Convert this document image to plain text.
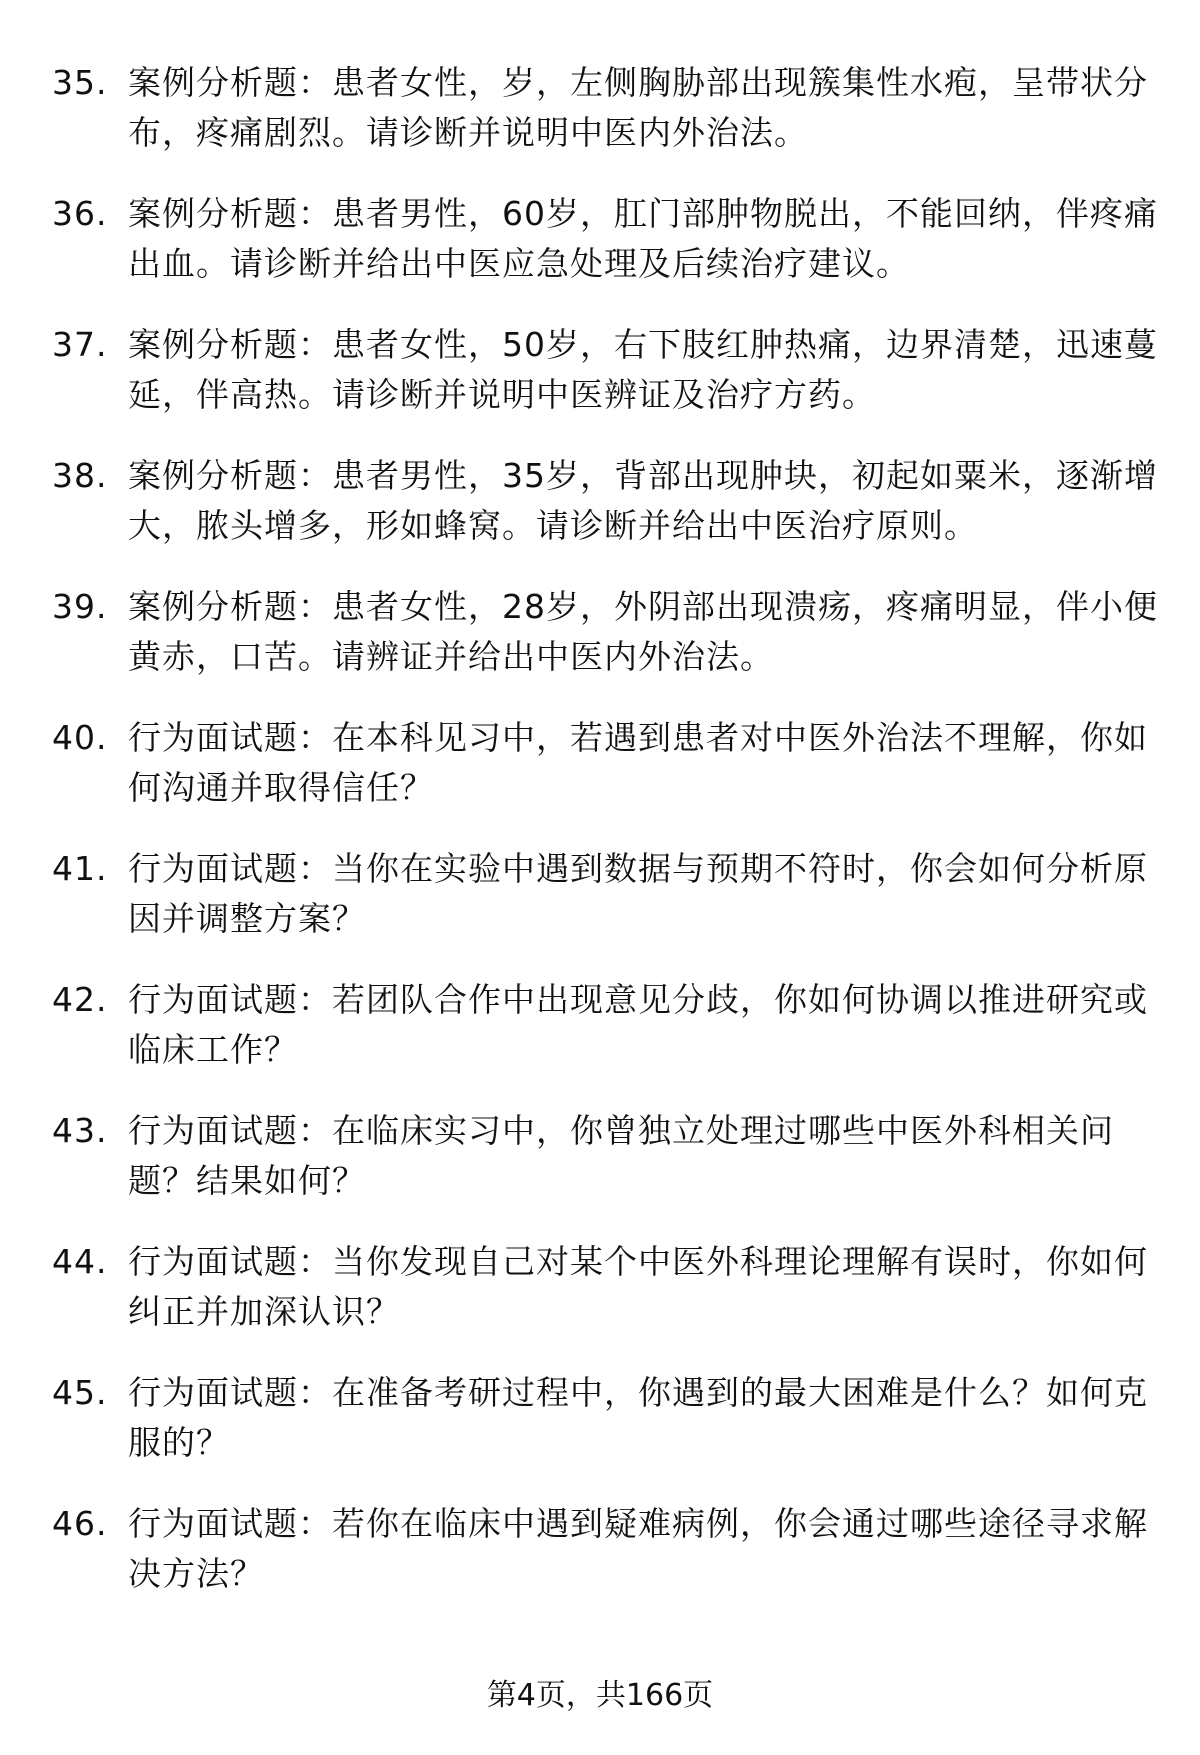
35. 案例分析题：患者女性，岁，左侧胸胁部出现簇集性水疱，呈带状分布，疼痛剧烈。请诊断并说明中医内外治法。
36. 案例分析题：患者男性，60岁，肛门部肿物脱出，不能回纳，伴疼痛出血。请诊断并给出中医应急处理及后续治疗建议。
37. 案例分析题：患者女性，50岁，右下肢红肿热痛，边界清楚，迅速蔓延，伴高热。请诊断并说明中医辨证及治疗方药。
38. 案例分析题：患者男性，35岁，背部出现肿块，初起如粟米，逐渐增大，脓头增多，形如蜂窝。请诊断并给出中医治疗原则。
39. 案例分析题：患者女性，28岁，外阴部出现溃疡，疼痛明显，伴小便黄赤，口苦。请辨证并给出中医内外治法。
40. 行为面试题：在本科见习中，若遇到患者对中医外治法不理解，你如何沟通并取得信任？
41. 行为面试题：当你在实验中遇到数据与预期不符时，你会如何分析原因并调整方案？
42. 行为面试题：若团队合作中出现意见分歧，你如何协调以推进研究或临床工作？
43. 行为面试题：在临床实习中，你曾独立处理过哪些中医外科相关问题？结果如何？
44. 行为面试题：当你发现自己对某个中医外科理论理解有误时，你如何纠正并加深认识？
45. 行为面试题：在准备考研过程中，你遇到的最大困难是什么？如何克服的？
46. 行为面试题：若你在临床中遇到疑难病例，你会通过哪些途径寻求解决方法？
第4页，共166页
